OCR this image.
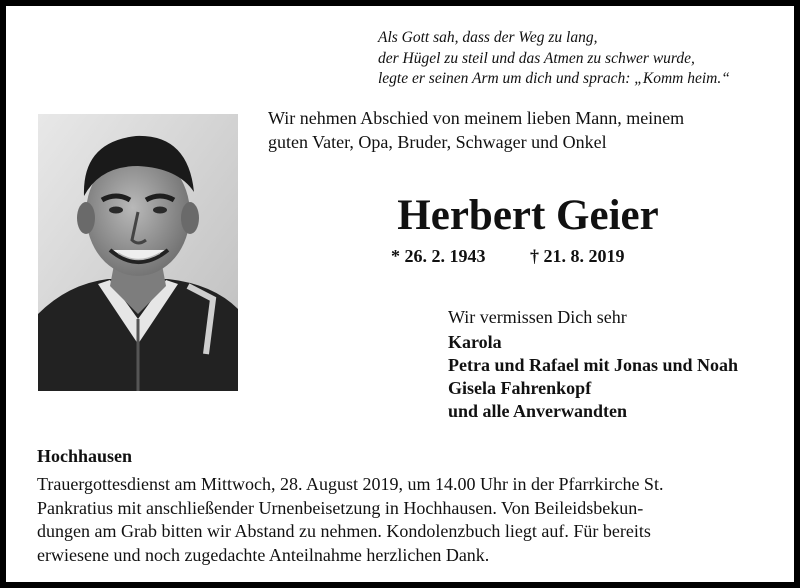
Als Gott sah, dass der Weg zu lang,
der Hügel zu steil und das Atmen zu schwer wurde,
legte er seinen Arm um dich und sprach: „Komm heim.“
Wir nehmen Abschied von meinem lieben Mann, meinem
guten Vater, Opa, Bruder, Schwager und Onkel
Herbert Geier
* 26. 2. 1943 † 21. 8. 2019
Wir vermissen Dich sehr
Karola
Petra und Rafael mit Jonas und Noah
Gisela Fahrenkopf
und alle Anverwandten
Hochhausen
Trauergottesdienst am Mittwoch, 28. August 2019, um 14.00 Uhr in der Pfarrkirche St.
Pankratius mit anschließender Urnenbeisetzung in Hochhausen. Von Beileidsbekun-
dungen am Grab bitten wir Abstand zu nehmen. Kondolenzbuch liegt auf. Für bereits
erwiesene und noch zugedachte Anteilnahme herzlichen Dank.
